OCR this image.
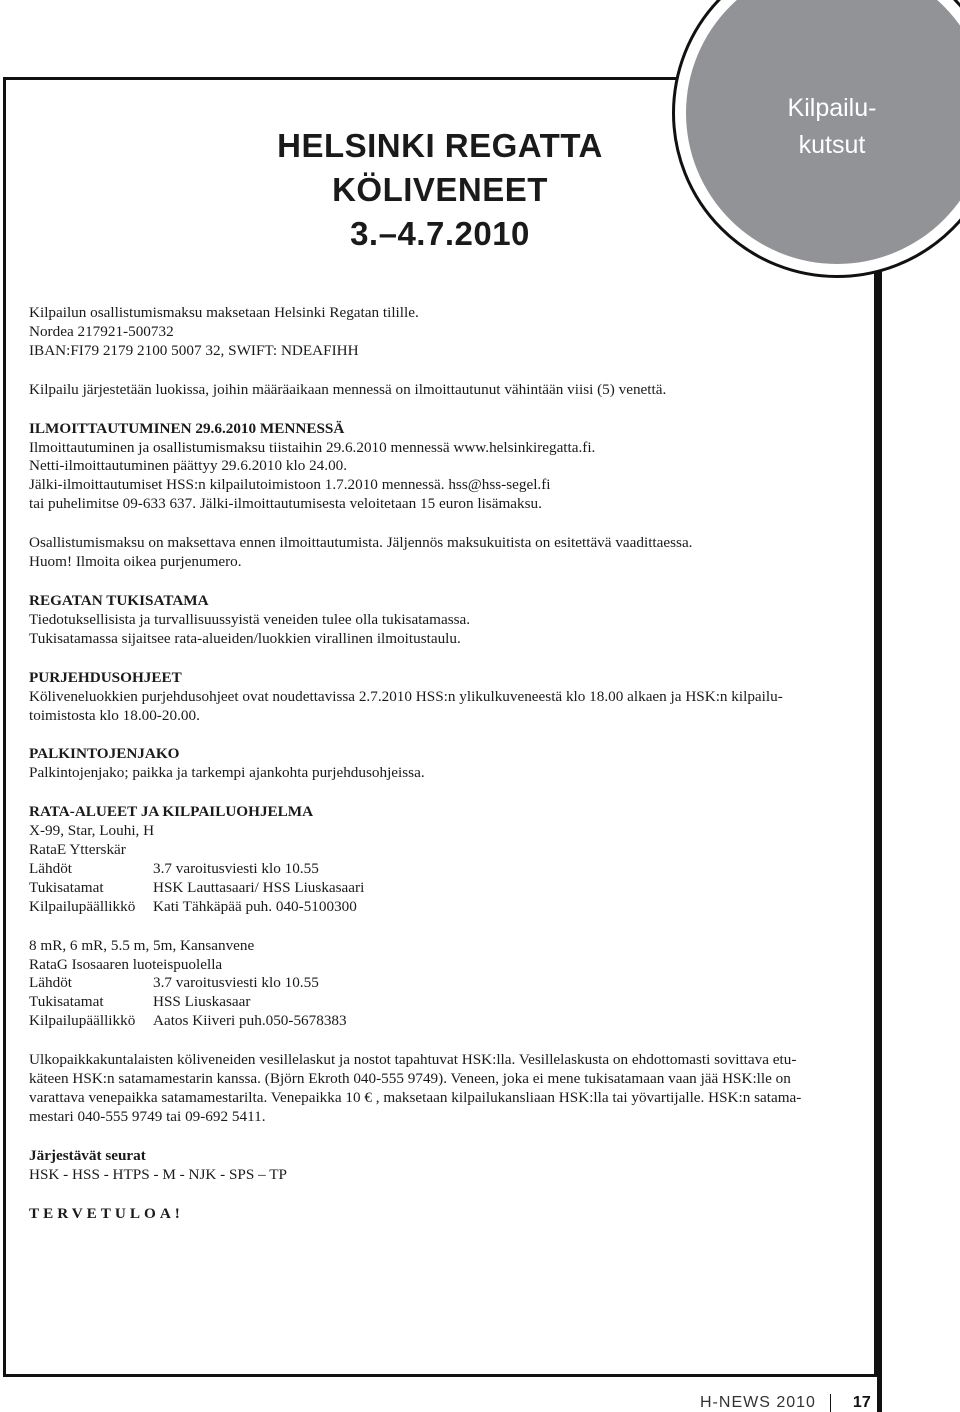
Kilpailu-
kutsut
HELSINKI REGATTA
KÖLIVENEET
3.–4.7.2010

Kilpailun osallistumismaksu maksetaan Helsinki Regatan tilille.

Nordea 217921-500732

IBAN:FI79 2179 2100 5007 32, SWIFT: NDEAFIHH

Kilpailu järjestetään luokissa, joihin määräaikaan mennessä on ilmoittautunut vähintään viisi (5) venettä.

ILMOITTAUTUMINEN 29.6.2010 MENNESSÄ

Ilmoittautuminen ja osallistumismaksu tiistaihin 29.6.2010 mennessä www.helsinkiregatta.fi.

Netti-ilmoittautuminen päättyy 29.6.2010 klo 24.00.

Jälki-ilmoittautumiset HSS:n kilpailutoimistoon 1.7.2010 mennessä. hss@hss-segel.fi

tai puhelimitse 09-633 637. Jälki-ilmoittautumisesta veloitetaan 15 euron lisämaksu.

Osallistumismaksu on maksettava ennen ilmoittautumista. Jäljennös maksukuitista on esitettävä vaadittaessa.

Huom! Ilmoita oikea purjenumero.

REGATAN TUKISATAMA

Tiedotuksellisista ja turvallisuussyistä veneiden tulee olla tukisatamassa.

Tukisatamassa sijaitsee rata-alueiden/luokkien virallinen ilmoitustaulu.

PURJEHDUSOHJEET

Köliveneluokkien purjehdusohjeet ovat noudettavissa 2.7.2010 HSS:n ylikulkuveneestä klo 18.00 alkaen ja HSK:n kilpailu-

toimistosta klo 18.00-20.00.

PALKINTOJENJAKO

Palkintojenjako; paikka ja tarkempi ajankohta purjehdusohjeissa.

RATA-ALUEET JA KILPAILUOHJELMA

X-99, Star, Louhi, H

RataE Ytterskär

Lähdöt	3.7 varoitusviesti klo 10.55
Tukisatamat	HSK Lauttasaari/ HSS Liuskasaari
Kilpailupäällikkö	Kati Tähkäpää puh. 040-5100300

8 mR, 6 mR, 5.5 m, 5m, Kansanvene

RataG Isosaaren luoteispuolella

Lähdöt	3.7 varoitusviesti klo 10.55
Tukisatamat	HSS Liuskasaar
Kilpailupäällikkö	Aatos Kiiveri puh.050-5678383

Ulkopaikkakuntalaisten köliveneiden vesillelaskut ja nostot tapahtuvat HSK:lla. Vesillelaskusta on ehdottomasti sovittava etu-

käteen HSK:n satamamestarin kanssa. (Björn Ekroth 040-555 9749). Veneen, joka ei mene tukisatamaan vaan jää HSK:lle on

varattava venepaikka satamamestarilta. Venepaikka 10 € , maksetaan kilpailukansliaan HSK:lla tai yövartijalle. HSK:n satama-

mestari 040-555 9749 tai 09-692 5411.

Järjestävät seurat

HSK - HSS - HTPS - M - NJK - SPS – TP

TERVETULOA!

H-NEWS 2010 17
